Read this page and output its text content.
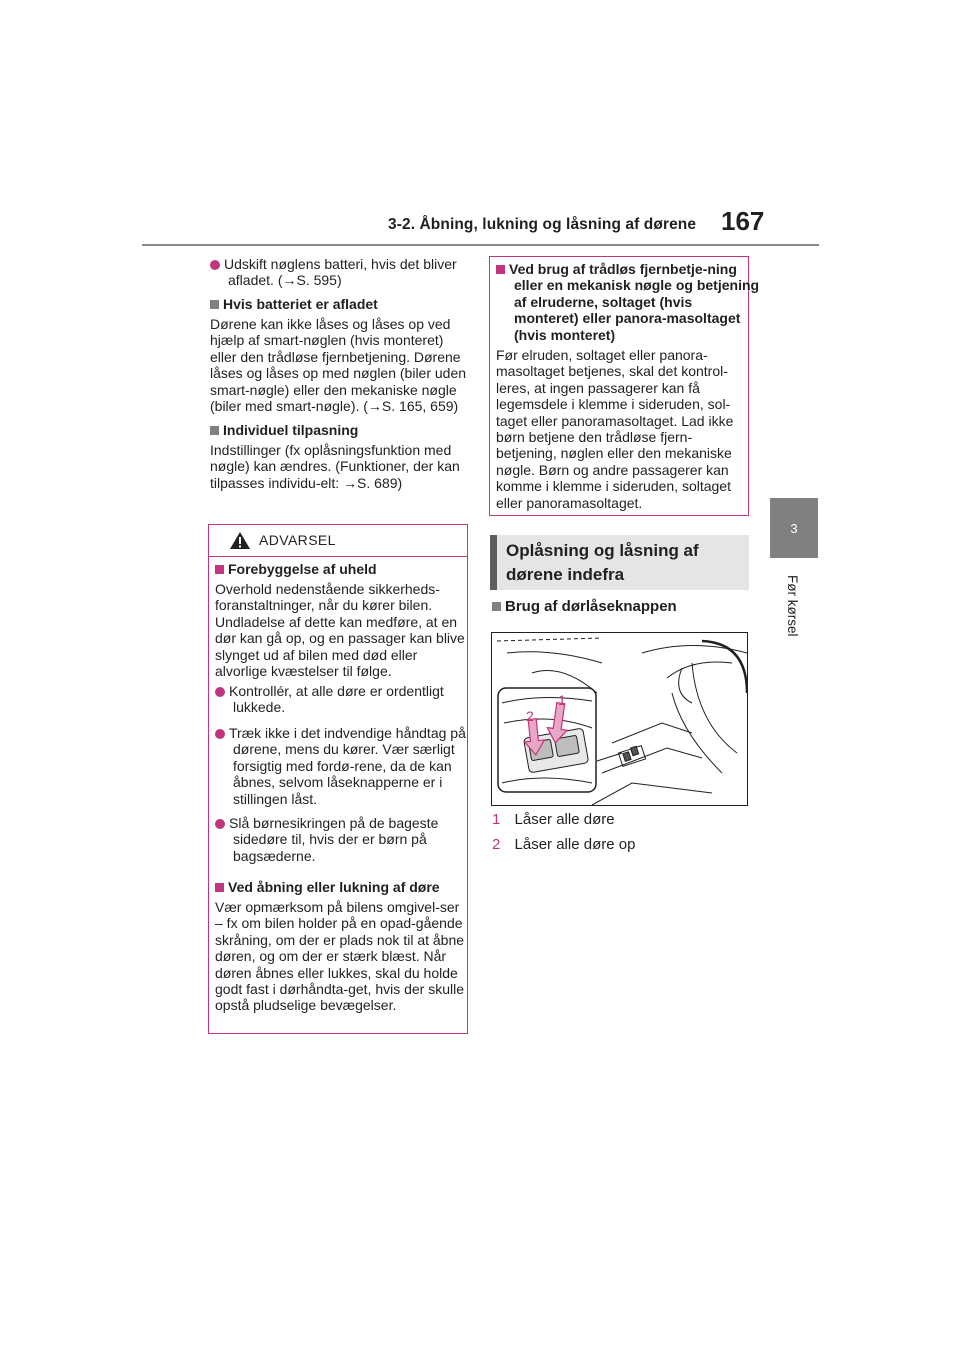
3-2. Åbning, lukning og låsning af dørene 167
3
Før kørsel
Udskift nøglens batteri, hvis det bliver afladet. (→S. 595)
Hvis batteriet er afladet
Dørene kan ikke låses og låses op ved hjælp af smart-nøglen (hvis monteret) eller den trådløse fjernbetjening. Dørene låses og låses op med nøglen (biler uden smart-nøgle) eller den mekaniske nøgle (biler med smart-nøgle). (→S. 165, 659)
Individuel tilpasning
Indstillinger (fx oplåsningsfunktion med nøgle) kan ændres. (Funktioner, der kan tilpasses individu-elt: →S. 689)
ADVARSEL
Forebyggelse af uheld
Overhold nedenstående sikkerheds-foranstaltninger, når du kører bilen. Undladelse af dette kan medføre, at en dør kan gå op, og en passager kan blive slynget ud af bilen med død eller alvorlige kvæstelser til følge.
Kontrollér, at alle døre er ordentligt lukkede.
Træk ikke i det indvendige håndtag på dørene, mens du kører. Vær særligt forsigtig med fordø-rene, da de kan åbnes, selvom låseknapperne er i stillingen låst.
Slå børnesikringen på de bageste sidedøre til, hvis der er børn på bagsæderne.
Ved åbning eller lukning af døre
Vær opmærksom på bilens omgivel-ser – fx om bilen holder på en opad-gående skråning, om der er plads nok til at åbne døren, og om der er stærk blæst. Når døren åbnes eller lukkes, skal du holde godt fast i dørhåndta-get, hvis der skulle opstå pludselige bevægelser.
Ved brug af trådløs fjernbetje-ning eller en mekanisk nøgle og betjening af elruderne, soltaget (hvis monteret) eller panora-masoltaget (hvis monteret)
Før elruden, soltaget eller panora-masoltaget betjenes, skal det kontrol-leres, at ingen passagerer kan få legemsdele i klemme i sideruden, sol-taget eller panoramasoltaget. Lad ikke børn betjene den trådløse fjern-betjening, nøglen eller den mekaniske nøgle. Børn og andre passagerer kan komme i klemme i sideruden, soltaget eller panoramasoltaget.
Oplåsning og låsning af
dørene indefra
Brug af dørlåseknappen
1
2
1 Låser alle døre
2 Låser alle døre op
